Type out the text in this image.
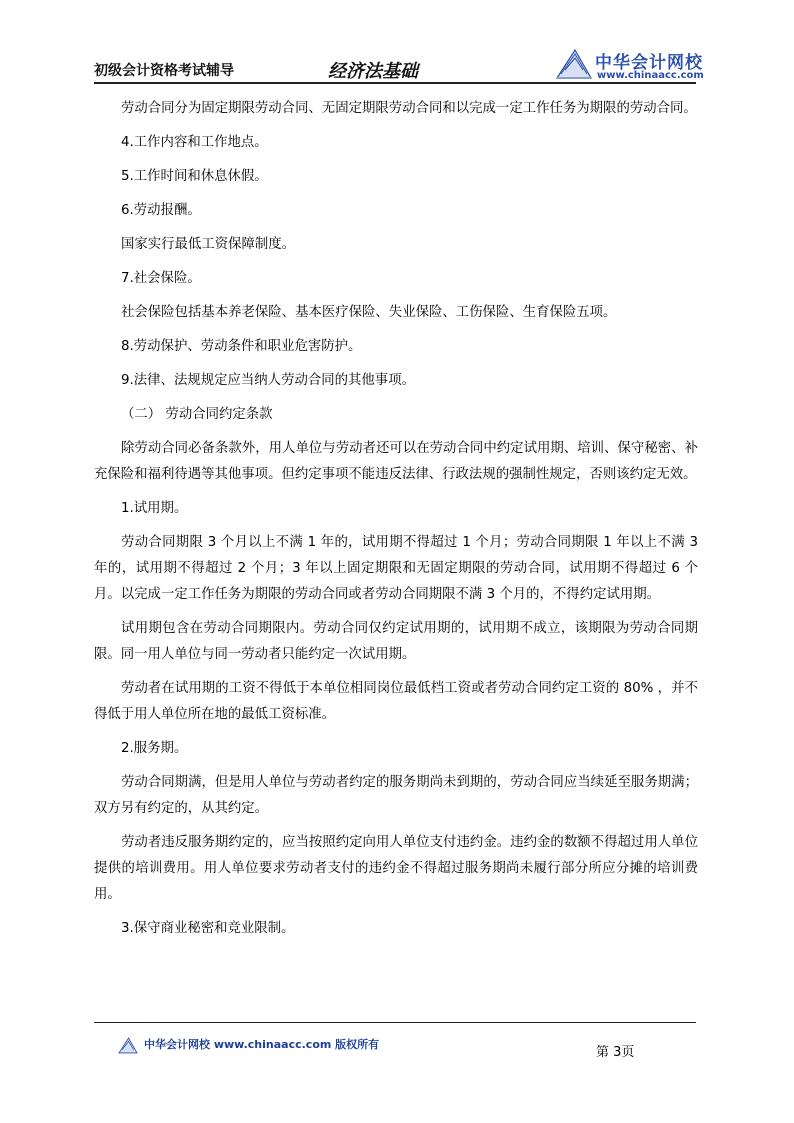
初级会计资格考试辅导	经济法基础	中华会计网校
www.chinaacc.com

劳动合同分为固定期限劳动合同、无固定期限劳动合同和以完成一定工作任务为期限的劳动合同。

4.工作内容和工作地点。

5.工作时间和休息休假。

6.劳动报酬。

国家实行最低工资保障制度。

7.社会保险。

社会保险包括基本养老保险、基本医疗保险、失业保险、工伤保险、生育保险五项。

8.劳动保护、劳动条件和职业危害防护。

9.法律、法规规定应当纳人劳动合同的其他事项。

（二） 劳动合同约定条款

除劳动合同必备条款外，用人单位与劳动者还可以在劳动合同中约定试用期、培训、保守秘密、补充保险和福利待遇等其他事项。但约定事项不能违反法律、行政法规的强制性规定，否则该约定无效。

1.试用期。

劳动合同期限 3 个月以上不满 1 年的，试用期不得超过 1 个月；劳动合同期限 1 年以上不满 3 年的，试用期不得超过 2 个月；3 年以上固定期限和无固定期限的劳动合同，试用期不得超过 6 个月。以完成一定工作任务为期限的劳动合同或者劳动合同期限不满 3 个月的，不得约定试用期。

试用期包含在劳动合同期限内。劳动合同仅约定试用期的，试用期不成立，该期限为劳动合同期限。同一用人单位与同一劳动者只能约定一次试用期。

劳动者在试用期的工资不得低于本单位相同岗位最低档工资或者劳动合同约定工资的 80% ，并不得低于用人单位所在地的最低工资标准。

2.服务期。

劳动合同期满，但是用人单位与劳动者约定的服务期尚未到期的，劳动合同应当续延至服务期满；双方另有约定的，从其约定。

劳动者违反服务期约定的，应当按照约定向用人单位支付违约金。违约金的数额不得超过用人单位提供的培训费用。用人单位要求劳动者支付的违约金不得超过服务期尚未履行部分所应分摊的培训费用。

3.保守商业秘密和竞业限制。

中华会计网校 www.chinaacc.com 版权所有
第 3页
